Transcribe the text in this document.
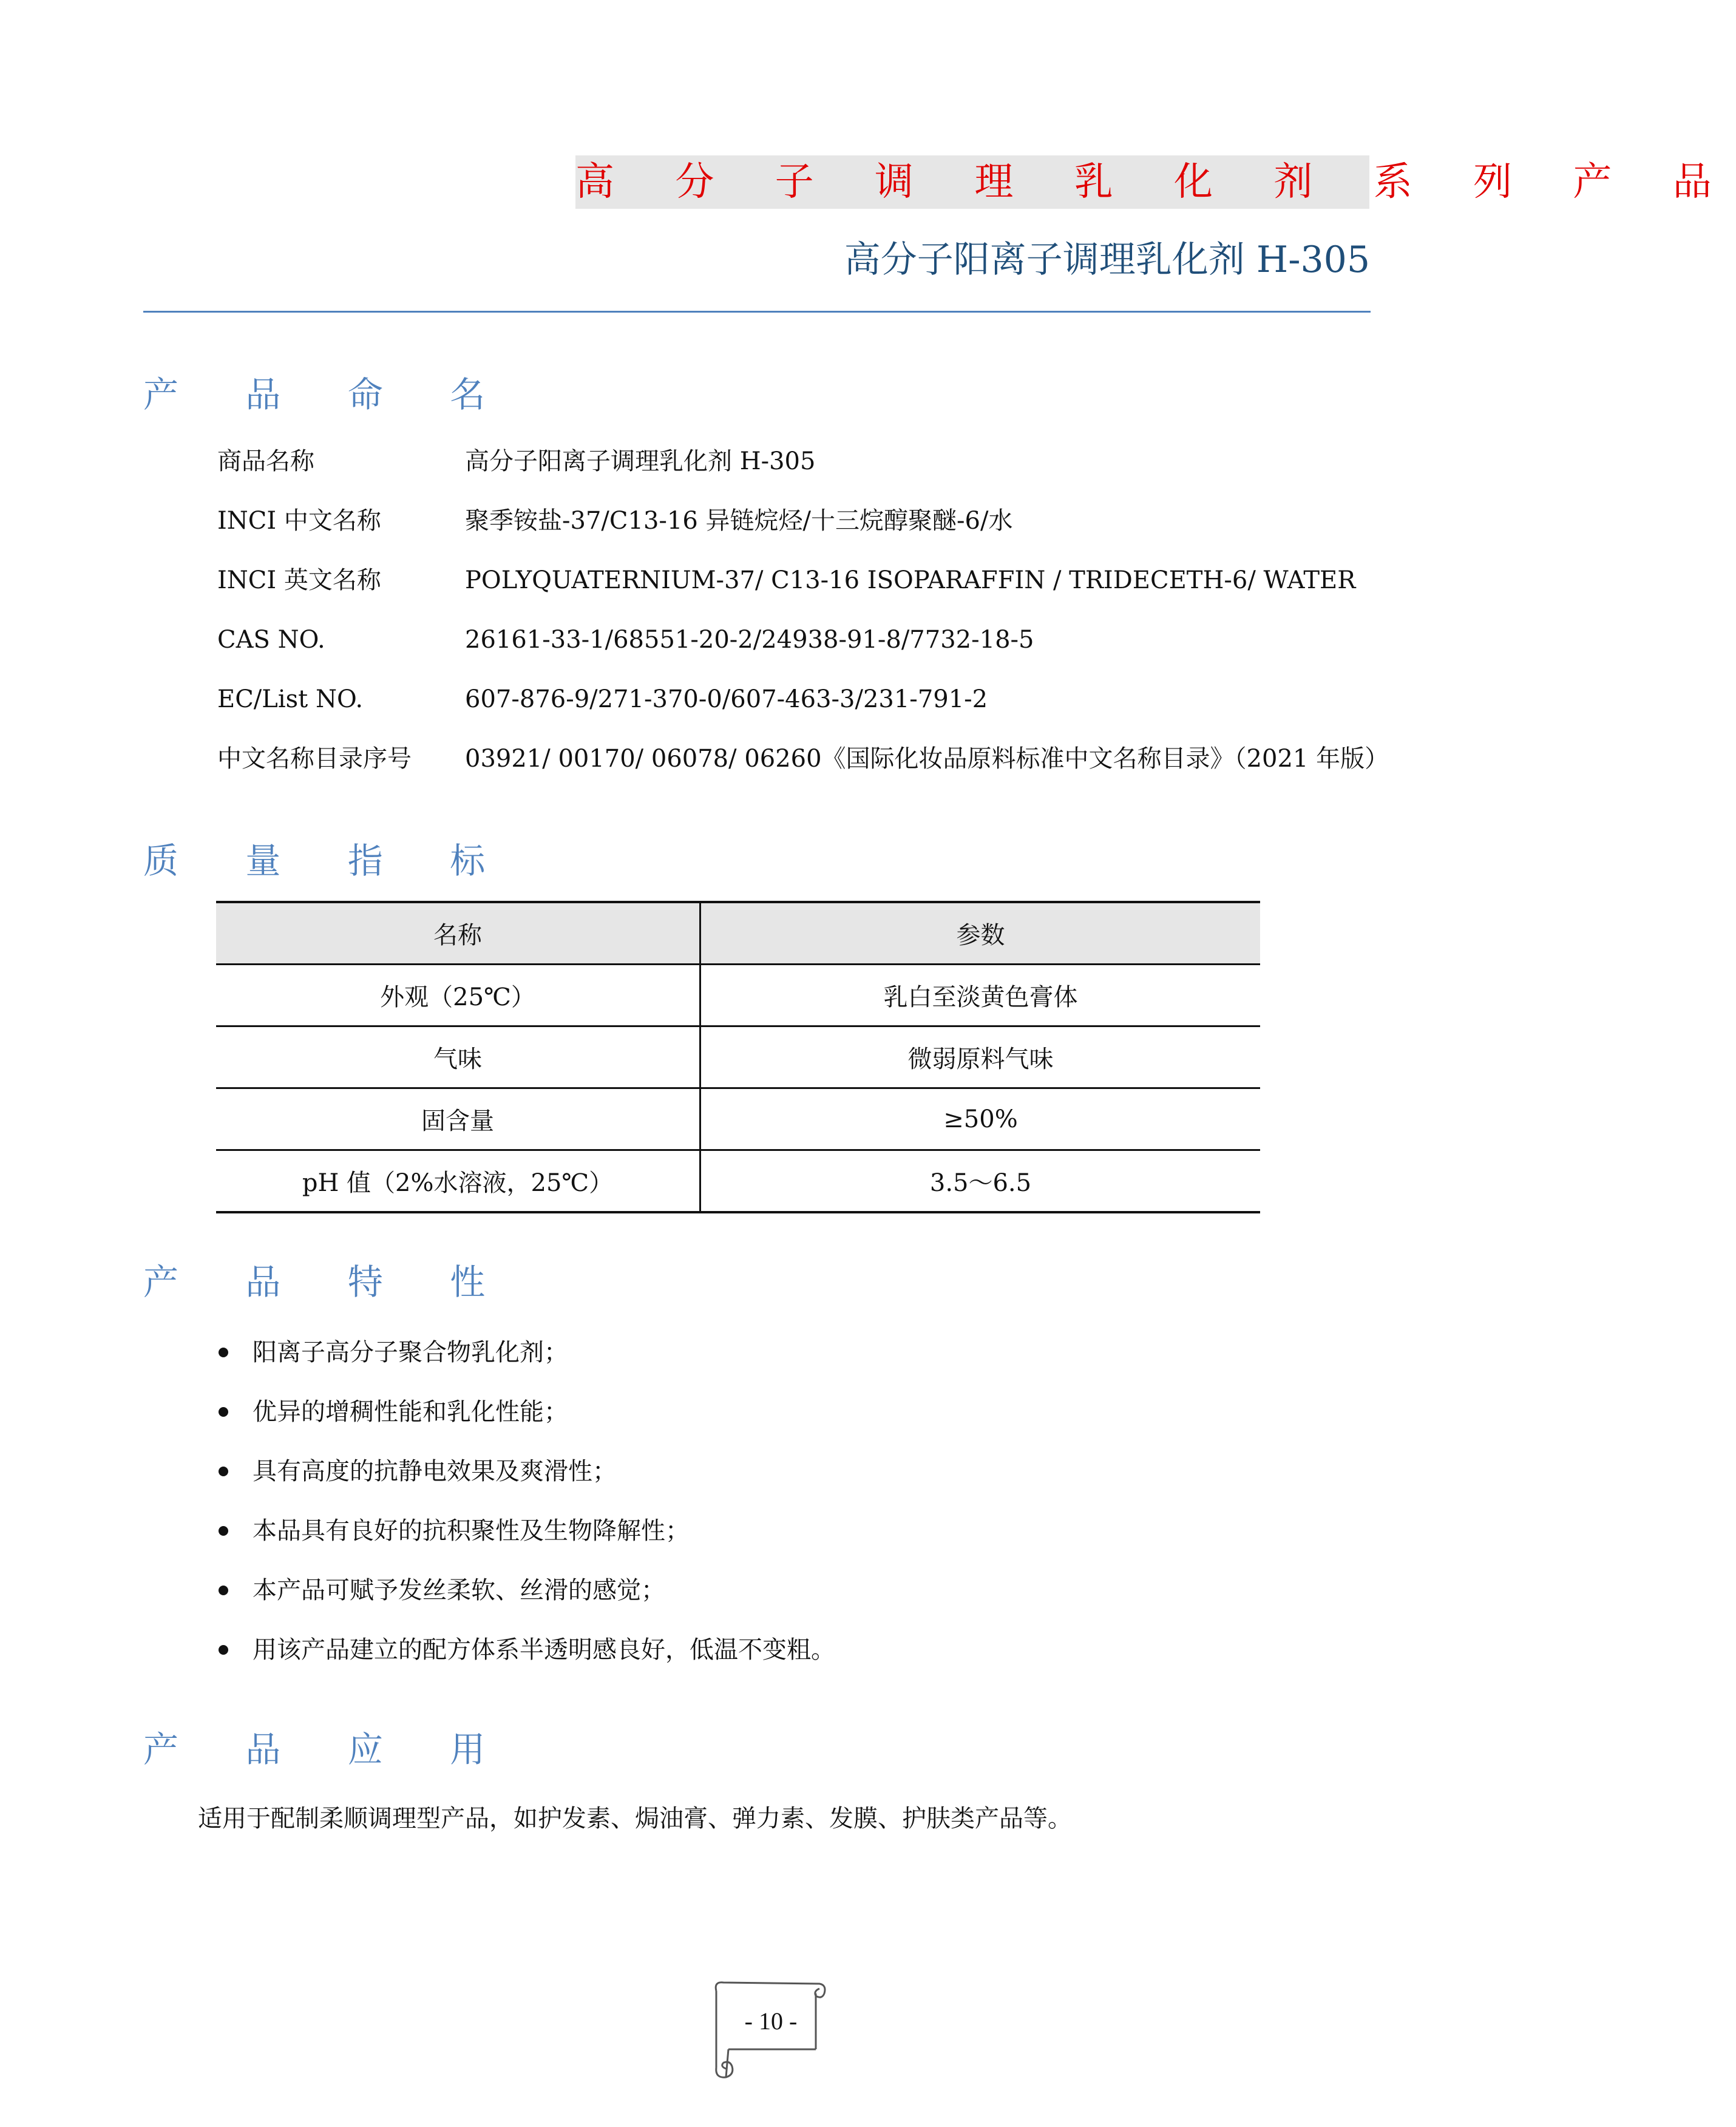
高 分 子 调 理 乳 化 剂 系 列 产 品
高分子阳离子调理乳化剂 H-305
产 品 命 名
商品名称	高分子阳离子调理乳化剂 H-305
INCI 中文名称	聚季铵盐-37/C13-16 异链烷烃/十三烷醇聚醚-6/水
INCI 英文名称	POLYQUATERNIUM-37/ C13-16 ISOPARAFFIN / TRIDECETH-6/ WATER
CAS NO.	26161-33-1/68551-20-2/24938-91-8/7732-18-5
EC/List NO.	607-876-9/271-370-0/607-463-3/231-791-2
中文名称目录序号 03921/ 00170/ 06078/ 06260《国际化妆品原料标准中文名称目录》（2021 年版）
质 量 指 标
名称	参数
外观（25℃）	乳白至淡黄色膏体
气味	微弱原料气味
固含量	≥50%
pH 值（2%水溶液，25℃）	3.5～6.5
产 品 特 性
阳离子高分子聚合物乳化剂；
优异的增稠性能和乳化性能；
具有高度的抗静电效果及爽滑性；
本品具有良好的抗积聚性及生物降解性；
本产品可赋予发丝柔软、丝滑的感觉；
用该产品建立的配方体系半透明感良好，低温不变粗。
产 品 应 用
适用于配制柔顺调理型产品，如护发素、焗油膏、弹力素、发膜、护肤类产品等。
- 10 -
